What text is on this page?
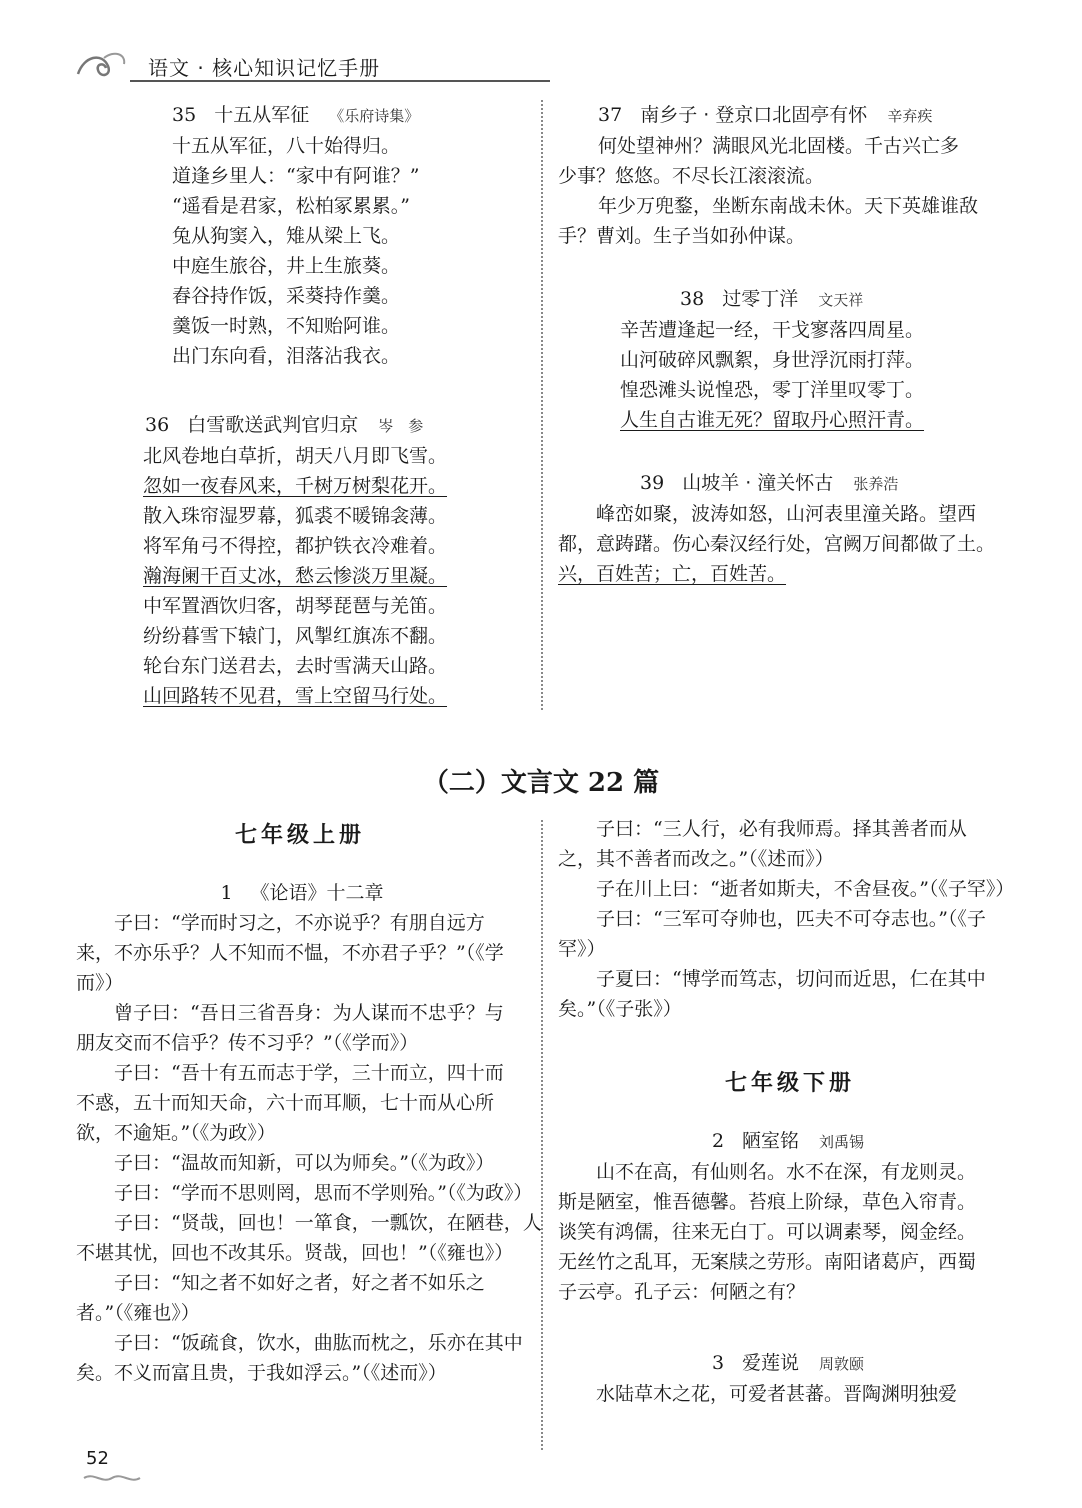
语文 · 核心知识记忆手册
35 十五从军征 《乐府诗集》
十五从军征，八十始得归。
道逢乡里人：“家中有阿谁？”
“遥看是君家，松柏冢累累。”
兔从狗窦入，雉从梁上飞。
中庭生旅谷，井上生旅葵。
舂谷持作饭，采葵持作羹。
羹饭一时熟，不知贻阿谁。
出门东向看，泪落沾我衣。
36 白雪歌送武判官归京 岑　参
北风卷地白草折，胡天八月即飞雪。
忽如一夜春风来，千树万树梨花开。
散入珠帘湿罗幕，狐裘不暖锦衾薄。
将军角弓不得控，都护铁衣冷难着。
瀚海阑干百丈冰，愁云惨淡万里凝。
中军置酒饮归客，胡琴琵琶与羌笛。
纷纷暮雪下辕门，风掣红旗冻不翻。
轮台东门送君去，去时雪满天山路。
山回路转不见君，雪上空留马行处。
37 南乡子 · 登京口北固亭有怀 辛弃疾
何处望神州？满眼风光北固楼。千古兴亡多
少事？悠悠。不尽长江滚滚流。
年少万兜鍪，坐断东南战未休。天下英雄谁敌
手？曹刘。生子当如孙仲谋。
38 过零丁洋 文天祥
辛苦遭逢起一经，干戈寥落四周星。
山河破碎风飘絮，身世浮沉雨打萍。
惶恐滩头说惶恐，零丁洋里叹零丁。
人生自古谁无死？留取丹心照汗青。
39 山坡羊 · 潼关怀古 张养浩
峰峦如聚，波涛如怒，山河表里潼关路。望西
都，意踌躇。伤心秦汉经行处，宫阙万间都做了土。
兴，百姓苦；亡，百姓苦。
（二）文言文 22 篇
七年级上册
1 《论语》十二章
子曰：“学而时习之，不亦说乎？有朋自远方
来，不亦乐乎？人不知而不愠，不亦君子乎？”（《学
而》）
曾子曰：“吾日三省吾身：为人谋而不忠乎？与
朋友交而不信乎？传不习乎？”（《学而》）
子曰：“吾十有五而志于学，三十而立，四十而
不惑，五十而知天命，六十而耳顺，七十而从心所
欲，不逾矩。”（《为政》）
子曰：“温故而知新，可以为师矣。”（《为政》）
子曰：“学而不思则罔，思而不学则殆。”（《为政》）
子曰：“贤哉，回也！一箪食，一瓢饮，在陋巷，人
不堪其忧，回也不改其乐。贤哉，回也！”（《雍也》）
子曰：“知之者不如好之者，好之者不如乐之
者。”（《雍也》）
子曰：“饭疏食，饮水，曲肱而枕之，乐亦在其中
矣。不义而富且贵，于我如浮云。”（《述而》）
子曰：“三人行，必有我师焉。择其善者而从
之，其不善者而改之。”（《述而》）
子在川上曰：“逝者如斯夫，不舍昼夜。”（《子罕》）
子曰：“三军可夺帅也，匹夫不可夺志也。”（《子
罕》）
子夏曰：“博学而笃志，切问而近思，仁在其中
矣。”（《子张》）
七年级下册
2 陋室铭 刘禹锡
山不在高，有仙则名。水不在深，有龙则灵。
斯是陋室，惟吾德馨。苔痕上阶绿，草色入帘青。
谈笑有鸿儒，往来无白丁。可以调素琴，阅金经。
无丝竹之乱耳，无案牍之劳形。南阳诸葛庐，西蜀
子云亭。孔子云：何陋之有？
3 爱莲说 周敦颐
水陆草木之花，可爱者甚蕃。晋陶渊明独爱
52
